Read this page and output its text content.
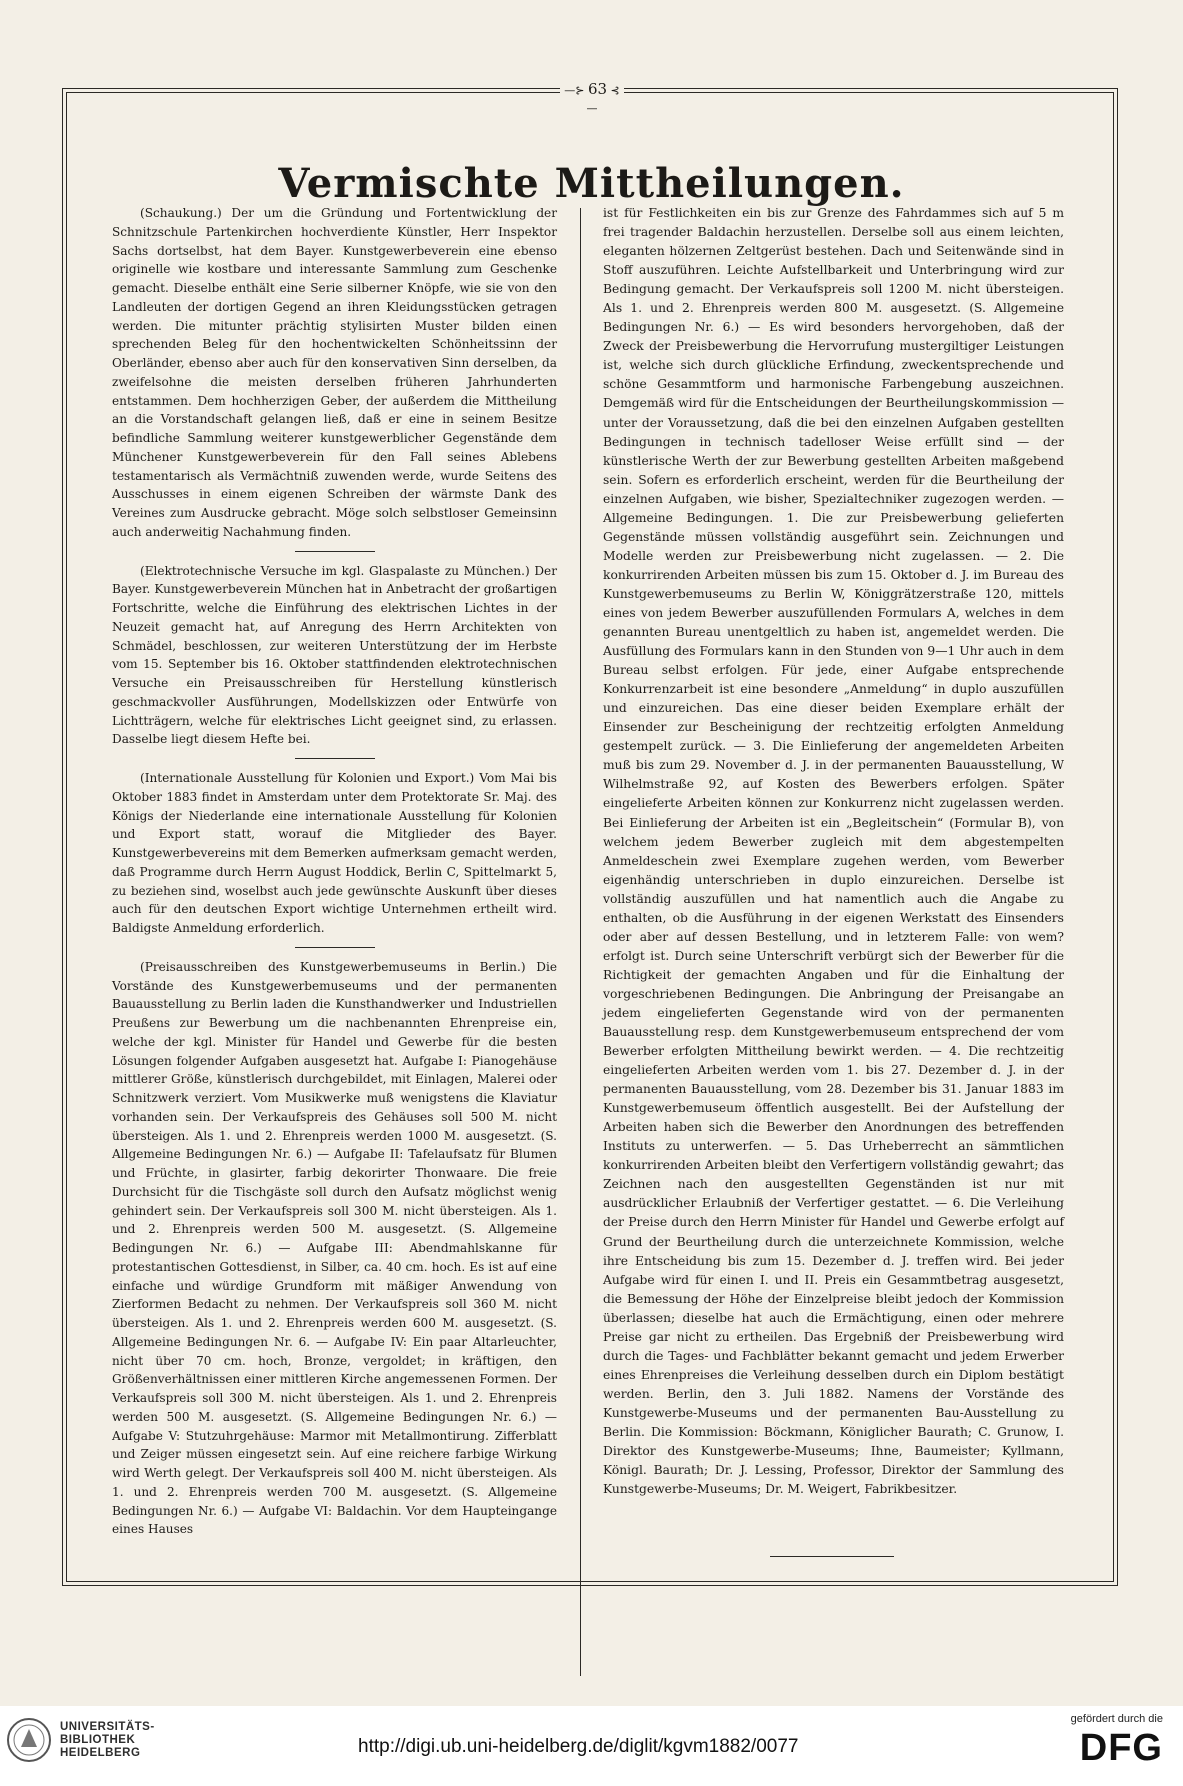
—⊱ 63 ⊰—
Vermischte Mittheilungen.

(Schaukung.) Der um die Gründung und Fortentwicklung der Schnitzschule Partenkirchen hochverdiente Künstler, Herr Inspektor Sachs dortselbst, hat dem Bayer. Kunstgewerbeverein eine ebenso originelle wie kostbare und interessante Sammlung zum Geschenke gemacht. Dieselbe enthält eine Serie silberner Knöpfe, wie sie von den Landleuten der dortigen Gegend an ihren Kleidungsstücken getragen werden. Die mitunter prächtig stylisirten Muster bilden einen sprechenden Beleg für den hochentwickelten Schönheitssinn der Oberländer, ebenso aber auch für den konservativen Sinn derselben, da zweifelsohne die meisten derselben früheren Jahrhunderten entstammen. Dem hochherzigen Geber, der außerdem die Mittheilung an die Vorstandschaft gelangen ließ, daß er eine in seinem Besitze befindliche Sammlung weiterer kunstgewerblicher Gegenstände dem Münchener Kunstgewerbeverein für den Fall seines Ablebens testamentarisch als Vermächtniß zuwenden werde, wurde Seitens des Ausschusses in einem eigenen Schreiben der wärmste Dank des Vereines zum Ausdrucke gebracht. Möge solch selbstloser Gemeinsinn auch anderweitig Nachahmung finden.

(Elektrotechnische Versuche im kgl. Glaspalaste zu München.) Der Bayer. Kunstgewerbeverein München hat in Anbetracht der großartigen Fortschritte, welche die Einführung des elektrischen Lichtes in der Neuzeit gemacht hat, auf Anregung des Herrn Architekten von Schmädel, beschlossen, zur weiteren Unterstützung der im Herbste vom 15. September bis 16. Oktober stattfindenden elektrotechnischen Versuche ein Preisausschreiben für Herstellung künstlerisch geschmackvoller Ausführungen, Modellskizzen oder Entwürfe von Lichtträgern, welche für elektrisches Licht geeignet sind, zu erlassen. Dasselbe liegt diesem Hefte bei.

(Internationale Ausstellung für Kolonien und Export.) Vom Mai bis Oktober 1883 findet in Amsterdam unter dem Protektorate Sr. Maj. des Königs der Niederlande eine internationale Ausstellung für Kolonien und Export statt, worauf die Mitglieder des Bayer. Kunstgewerbevereins mit dem Bemerken aufmerksam gemacht werden, daß Programme durch Herrn August Hoddick, Berlin C, Spittelmarkt 5, zu beziehen sind, woselbst auch jede gewünschte Auskunft über dieses auch für den deutschen Export wichtige Unternehmen ertheilt wird. Baldigste Anmeldung erforderlich.

(Preisausschreiben des Kunstgewerbemuseums in Berlin.) Die Vorstände des Kunstgewerbemuseums und der permanenten Bauausstellung zu Berlin laden die Kunsthandwerker und Industriellen Preußens zur Bewerbung um die nachbenannten Ehrenpreise ein, welche der kgl. Minister für Handel und Gewerbe für die besten Lösungen folgender Aufgaben ausgesetzt hat. Aufgabe I: Pianogehäuse mittlerer Größe, künstlerisch durchgebildet, mit Einlagen, Malerei oder Schnitzwerk verziert. Vom Musikwerke muß wenigstens die Klaviatur vorhanden sein. Der Verkaufspreis des Gehäuses soll 500 M. nicht übersteigen. Als 1. und 2. Ehrenpreis werden 1000 M. ausgesetzt. (S. Allgemeine Bedingungen Nr. 6.) — Aufgabe II: Tafelaufsatz für Blumen und Früchte, in glasirter, farbig dekorirter Thonwaare. Die freie Durchsicht für die Tischgäste soll durch den Aufsatz möglichst wenig gehindert sein. Der Verkaufspreis soll 300 M. nicht übersteigen. Als 1. und 2. Ehrenpreis werden 500 M. ausgesetzt. (S. Allgemeine Bedingungen Nr. 6.) — Aufgabe III: Abendmahlskanne für protestantischen Gottesdienst, in Silber, ca. 40 cm. hoch. Es ist auf eine einfache und würdige Grundform mit mäßiger Anwendung von Zierformen Bedacht zu nehmen. Der Verkaufspreis soll 360 M. nicht übersteigen. Als 1. und 2. Ehrenpreis werden 600 M. ausgesetzt. (S. Allgemeine Bedingungen Nr. 6. — Aufgabe IV: Ein paar Altarleuchter, nicht über 70 cm. hoch, Bronze, vergoldet; in kräftigen, den Größenverhältnissen einer mittleren Kirche angemessenen Formen. Der Verkaufspreis soll 300 M. nicht übersteigen. Als 1. und 2. Ehrenpreis werden 500 M. ausgesetzt. (S. Allgemeine Bedingungen Nr. 6.) — Aufgabe V: Stutzuhrgehäuse: Marmor mit Metallmontirung. Zifferblatt und Zeiger müssen eingesetzt sein. Auf eine reichere farbige Wirkung wird Werth gelegt. Der Verkaufspreis soll 400 M. nicht übersteigen. Als 1. und 2. Ehrenpreis werden 700 M. ausgesetzt. (S. Allgemeine Bedingungen Nr. 6.) — Aufgabe VI: Baldachin. Vor dem Haupteingange eines Hauses

ist für Festlichkeiten ein bis zur Grenze des Fahrdammes sich auf 5 m frei tragender Baldachin herzustellen. Derselbe soll aus einem leichten, eleganten hölzernen Zeltgerüst bestehen. Dach und Seitenwände sind in Stoff auszuführen. Leichte Aufstellbarkeit und Unterbringung wird zur Bedingung gemacht. Der Verkaufspreis soll 1200 M. nicht übersteigen. Als 1. und 2. Ehrenpreis werden 800 M. ausgesetzt. (S. Allgemeine Bedingungen Nr. 6.) — Es wird besonders hervorgehoben, daß der Zweck der Preisbewerbung die Hervorrufung mustergiltiger Leistungen ist, welche sich durch glückliche Erfindung, zweckentsprechende und schöne Gesammtform und harmonische Farbengebung auszeichnen. Demgemäß wird für die Entscheidungen der Beurtheilungskommission — unter der Voraussetzung, daß die bei den einzelnen Aufgaben gestellten Bedingungen in technisch tadelloser Weise erfüllt sind — der künstlerische Werth der zur Bewerbung gestellten Arbeiten maßgebend sein. Sofern es erforderlich erscheint, werden für die Beurtheilung der einzelnen Aufgaben, wie bisher, Spezialtechniker zugezogen werden. — Allgemeine Bedingungen. 1. Die zur Preisbewerbung gelieferten Gegenstände müssen vollständig ausgeführt sein. Zeichnungen und Modelle werden zur Preisbewerbung nicht zugelassen. — 2. Die konkurrirenden Arbeiten müssen bis zum 15. Oktober d. J. im Bureau des Kunstgewerbemuseums zu Berlin W, Königgrätzerstraße 120, mittels eines von jedem Bewerber auszufüllenden Formulars A, welches in dem genannten Bureau unentgeltlich zu haben ist, angemeldet werden. Die Ausfüllung des Formulars kann in den Stunden von 9—1 Uhr auch in dem Bureau selbst erfolgen. Für jede, einer Aufgabe entsprechende Konkurrenzarbeit ist eine besondere „Anmeldung“ in duplo auszufüllen und einzureichen. Das eine dieser beiden Exemplare erhält der Einsender zur Bescheinigung der rechtzeitig erfolgten Anmeldung gestempelt zurück. — 3. Die Einlieferung der angemeldeten Arbeiten muß bis zum 29. November d. J. in der permanenten Bauausstellung, W Wilhelmstraße 92, auf Kosten des Bewerbers erfolgen. Später eingelieferte Arbeiten können zur Konkurrenz nicht zugelassen werden. Bei Einlieferung der Arbeiten ist ein „Begleitschein“ (Formular B), von welchem jedem Bewerber zugleich mit dem abgestempelten Anmeldeschein zwei Exemplare zugehen werden, vom Bewerber eigenhändig unterschrieben in duplo einzureichen. Derselbe ist vollständig auszufüllen und hat namentlich auch die Angabe zu enthalten, ob die Ausführung in der eigenen Werkstatt des Einsenders oder aber auf dessen Bestellung, und in letzterem Falle: von wem? erfolgt ist. Durch seine Unterschrift verbürgt sich der Bewerber für die Richtigkeit der gemachten Angaben und für die Einhaltung der vorgeschriebenen Bedingungen. Die Anbringung der Preisangabe an jedem eingelieferten Gegenstande wird von der permanenten Bauausstellung resp. dem Kunstgewerbemuseum entsprechend der vom Bewerber erfolgten Mittheilung bewirkt werden. — 4. Die rechtzeitig eingelieferten Arbeiten werden vom 1. bis 27. Dezember d. J. in der permanenten Bauausstellung, vom 28. Dezember bis 31. Januar 1883 im Kunstgewerbemuseum öffentlich ausgestellt. Bei der Aufstellung der Arbeiten haben sich die Bewerber den Anordnungen des betreffenden Instituts zu unterwerfen. — 5. Das Urheberrecht an sämmtlichen konkurrirenden Arbeiten bleibt den Verfertigern vollständig gewahrt; das Zeichnen nach den ausgestellten Gegenständen ist nur mit ausdrücklicher Erlaubniß der Verfertiger gestattet. — 6. Die Verleihung der Preise durch den Herrn Minister für Handel und Gewerbe erfolgt auf Grund der Beurtheilung durch die unterzeichnete Kommission, welche ihre Entscheidung bis zum 15. Dezember d. J. treffen wird. Bei jeder Aufgabe wird für einen I. und II. Preis ein Gesammtbetrag ausgesetzt, die Bemessung der Höhe der Einzelpreise bleibt jedoch der Kommission überlassen; dieselbe hat auch die Ermächtigung, einen oder mehrere Preise gar nicht zu ertheilen. Das Ergebniß der Preisbewerbung wird durch die Tages- und Fachblätter bekannt gemacht und jedem Erwerber eines Ehrenpreises die Verleihung desselben durch ein Diplom bestätigt werden. Berlin, den 3. Juli 1882. Namens der Vorstände des Kunstgewerbe-Museums und der permanenten Bau-Ausstellung zu Berlin. Die Kommission: Böckmann, Königlicher Baurath; C. Grunow, I. Direktor des Kunstgewerbe-Museums; Ihne, Baumeister; Kyllmann, Königl. Baurath; Dr. J. Lessing, Professor, Direktor der Sammlung des Kunstgewerbe-Museums; Dr. M. Weigert, Fabrikbesitzer.

UNIVERSITÄTS-
BIBLIOTHEK
HEIDELBERG	http://digi.ub.uni-heidelberg.de/diglit/kgvm1882/0077
gefördert durch die
DFG
